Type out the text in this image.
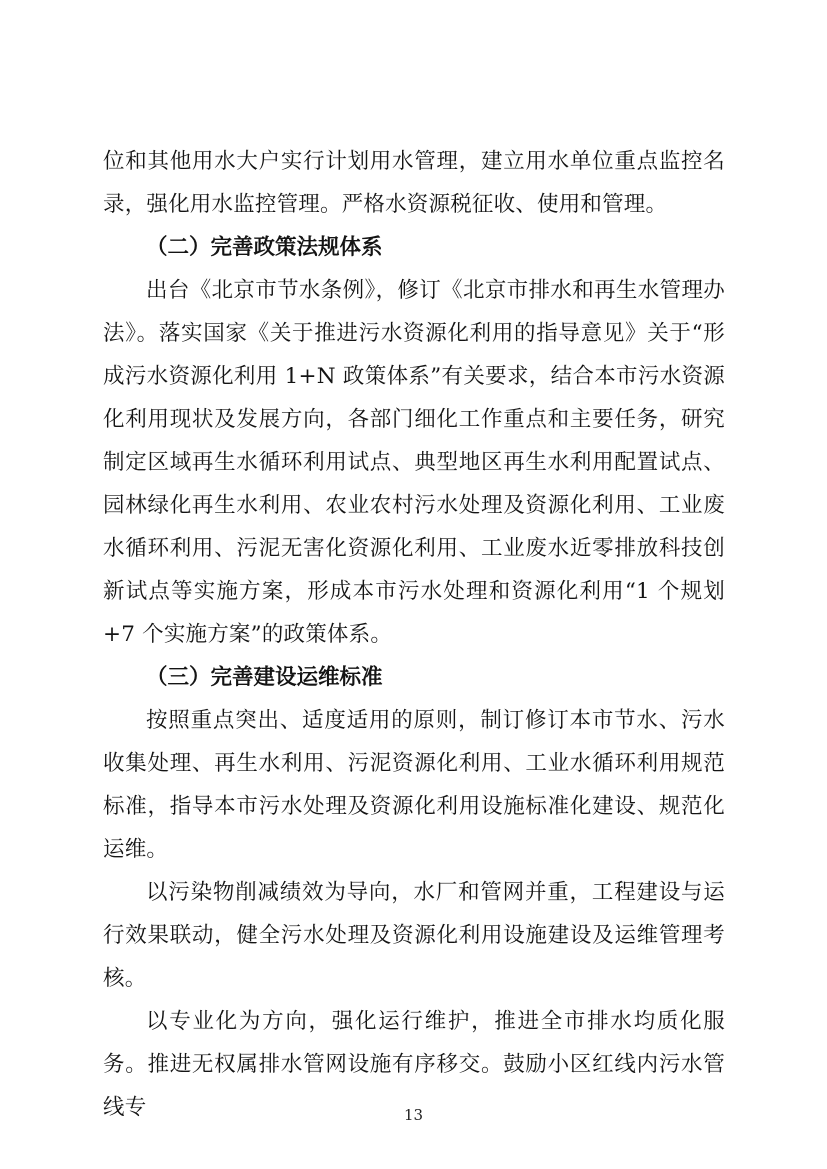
位和其他用水大户实行计划用水管理，建立用水单位重点监控名录，强化用水监控管理。严格水资源税征收、使用和管理。

（二）完善政策法规体系

出台《北京市节水条例》，修订《北京市排水和再生水管理办法》。落实国家《关于推进污水资源化利用的指导意见》关于“形成污水资源化利用 1+N 政策体系”有关要求，结合本市污水资源化利用现状及发展方向，各部门细化工作重点和主要任务，研究制定区域再生水循环利用试点、典型地区再生水利用配置试点、园林绿化再生水利用、农业农村污水处理及资源化利用、工业废水循环利用、污泥无害化资源化利用、工业废水近零排放科技创新试点等实施方案，形成本市污水处理和资源化利用“1 个规划+7 个实施方案”的政策体系。

（三）完善建设运维标准

按照重点突出、适度适用的原则，制订修订本市节水、污水收集处理、再生水利用、污泥资源化利用、工业水循环利用规范标准，指导本市污水处理及资源化利用设施标准化建设、规范化运维。

以污染物削减绩效为导向，水厂和管网并重，工程建设与运行效果联动，健全污水处理及资源化利用设施建设及运维管理考核。

以专业化为方向，强化运行维护，推进全市排水均质化服务。推进无权属排水管网设施有序移交。鼓励小区红线内污水管线专	13
